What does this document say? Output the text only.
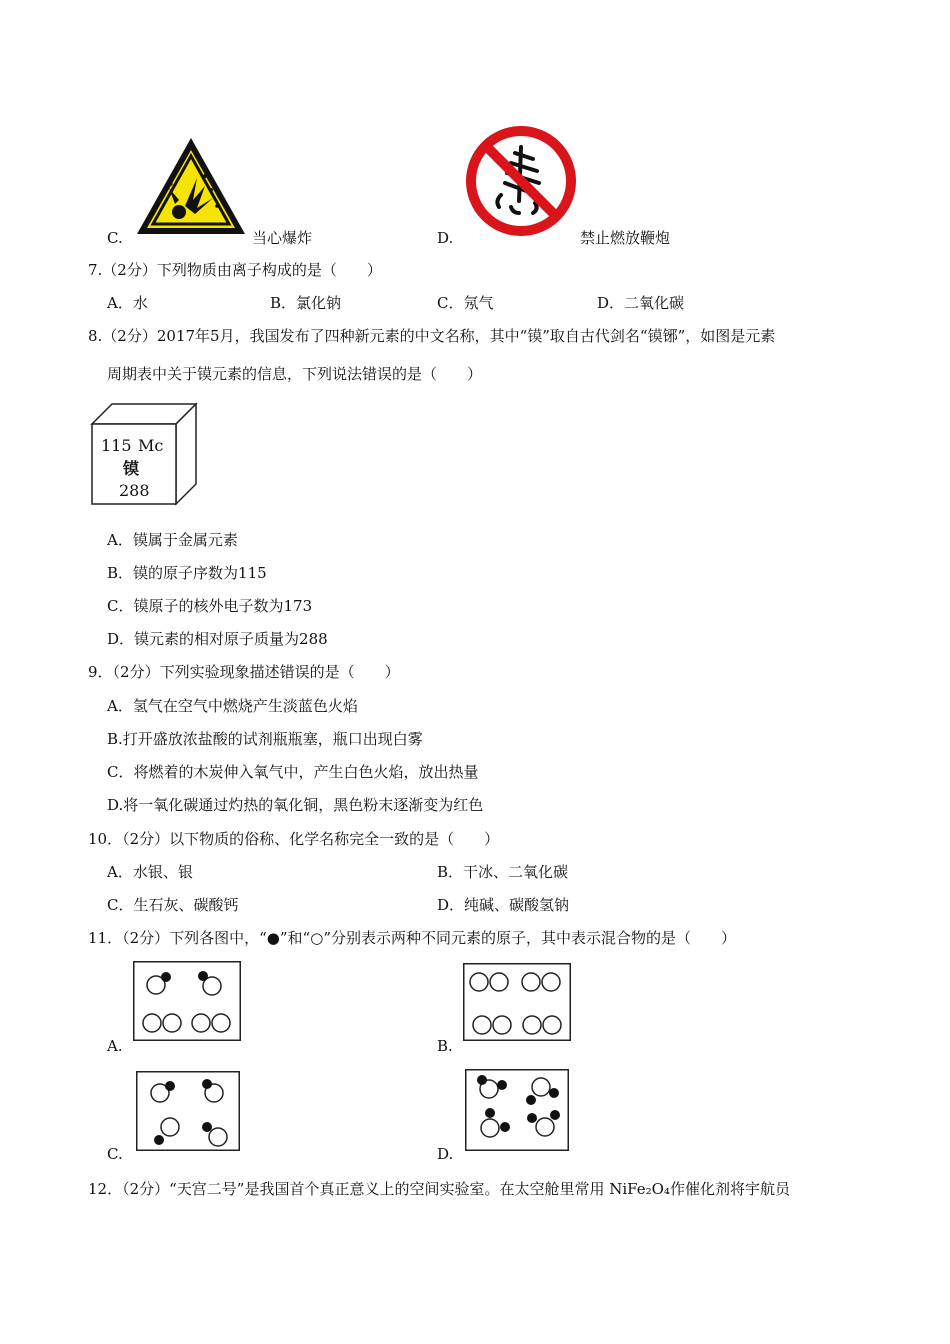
C.	当心爆炸	D.	禁止燃放鞭炮
7.（2分）下列物质由离子构成的是（　　）
A．水	B．氯化钠	C．氖气	D．二氧化碳
8.（2分）2017年5月，我国发布了四种新元素的中文名称，其中“镆”取自古代剑名“镆铘”，如图是元素
周期表中关于镆元素的信息，下列说法错误的是（　　）
115 Mc
镆
288
A．镆属于金属元素
B．镆的原子序数为115
C．镆原子的核外电子数为173
D．镆元素的相对原子质量为288
9．（2分）下列实验现象描述错误的是（　　）
A．氢气在空气中燃烧产生淡蓝色火焰
B.打开盛放浓盐酸的试剂瓶瓶塞，瓶口出现白雾
C．将燃着的木炭伸入氧气中，产生白色火焰，放出热量
D.将一氧化碳通过灼热的氧化铜，黑色粉末逐渐变为红色
10．（2分）以下物质的俗称、化学名称完全一致的是（　　）
A．水银、银	B．干冰、二氧化碳
C．生石灰、碳酸钙	D．纯碱、碳酸氢钠
11．（2分）下列各图中，“●”和“○”分别表示两种不同元素的原子，其中表示混合物的是（　　）
A.	B.
C.	D.
12．（2分）“天宫二号”是我国首个真正意义上的空间实验室。在太空舱里常用 NiFe₂O₄作催化剂将宇航员
